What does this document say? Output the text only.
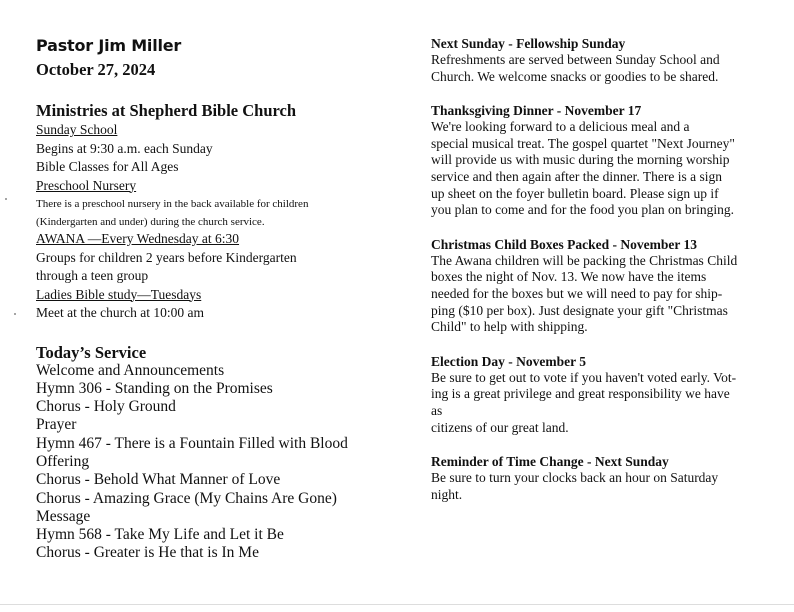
Pastor Jim Miller
October 27, 2024
Ministries at Shepherd Bible Church
Sunday School
Begins at 9:30 a.m. each Sunday
Bible Classes for All Ages
Preschool Nursery
There is a preschool nursery in the back available for children
(Kindergarten and under) during the church service.
AWANA —Every Wednesday at 6:30
Groups for children 2 years before Kindergarten
through a teen group
Ladies Bible study—Tuesdays
Meet at the church at 10:00 am
Today’s Service
Welcome and Announcements
Hymn 306 - Standing on the Promises
Chorus - Holy Ground
Prayer
Hymn 467 - There is a Fountain Filled with Blood
Offering
Chorus - Behold What Manner of Love
Chorus - Amazing Grace (My Chains Are Gone)
Message
Hymn 568 - Take My Life and Let it Be
Chorus - Greater is He that is In Me
Next Sunday - Fellowship Sunday
Refreshments are served between Sunday School and
Church. We welcome snacks or goodies to be shared.
Thanksgiving Dinner - November 17
We're looking forward to a delicious meal and a
special musical treat. The gospel quartet "Next Journey"
will provide us with music during the morning worship
service and then again after the dinner. There is a sign
up sheet on the foyer bulletin board. Please sign up if
you plan to come and for the food you plan on bringing.
Christmas Child Boxes Packed - November 13
The Awana children will be packing the Christmas Child
boxes the night of Nov. 13. We now have the items
needed for the boxes but we will need to pay for ship-
ping ($10 per box). Just designate your gift "Christmas
Child" to help with shipping.
Election Day - November 5
Be sure to get out to vote if you haven't voted early. Vot-
ing is a great privilege and great responsibility we have
as
citizens of our great land.
Reminder of Time Change - Next Sunday
Be sure to turn your clocks back an hour on Saturday
night.
